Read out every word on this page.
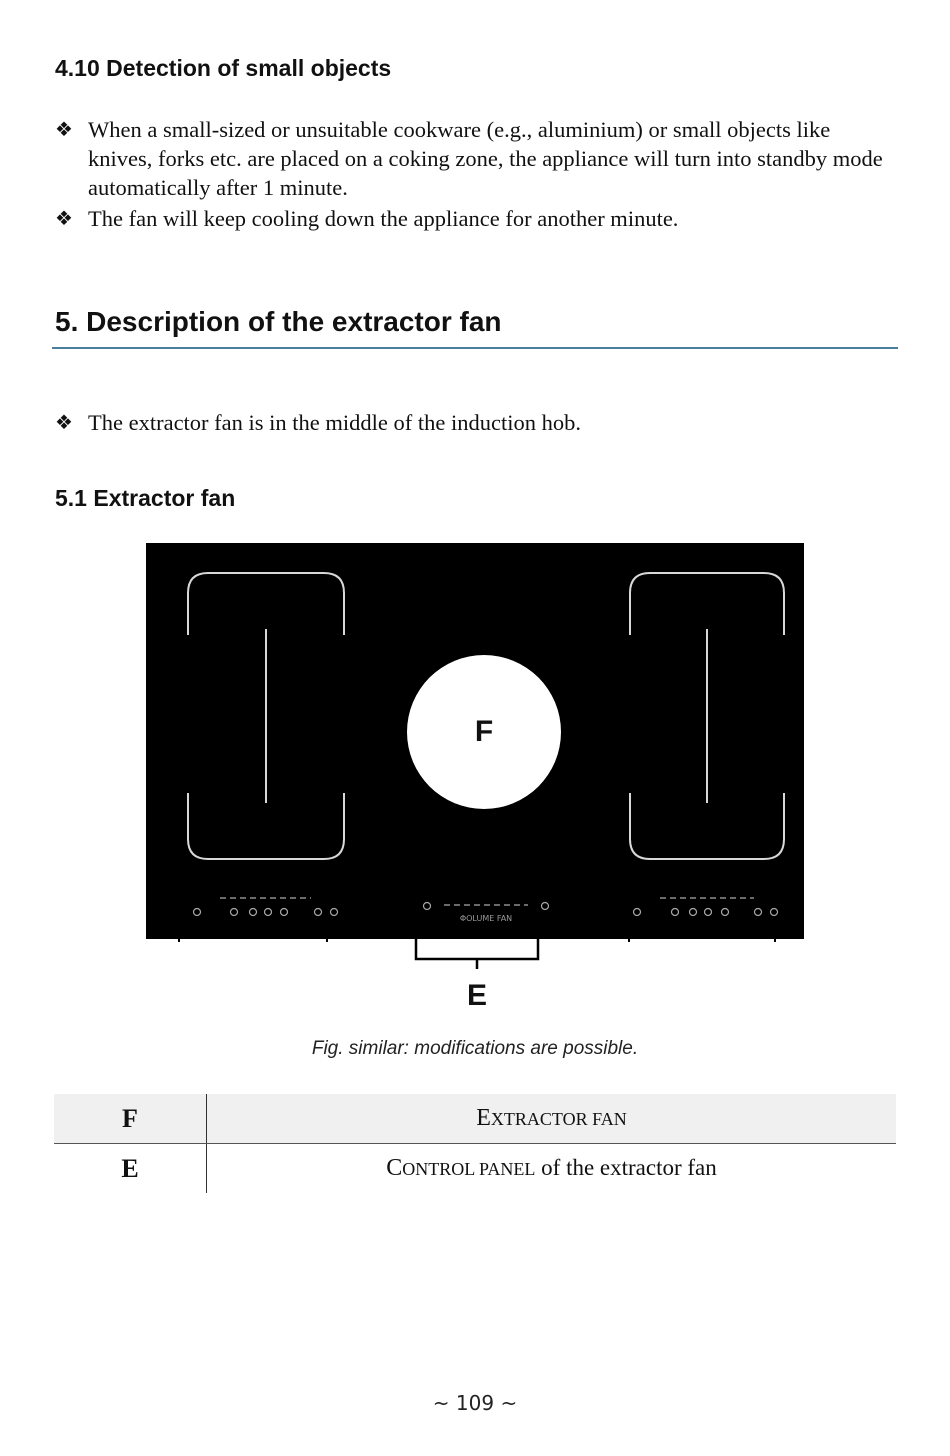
4.10 Detection of small objects
❖ When a small-sized or unsuitable cookware (e.g., aluminium) or small objects like knives, forks etc. are placed on a coking zone, the appliance will turn into standby mode automatically after 1 minute.
❖ The fan will keep cooling down the appliance for another minute.
5. Description of the extractor fan
❖ The extractor fan is in the middle of the induction hob.
5.1 Extractor fan
F
ΦOLUME FAN
E
Fig. similar: modifications are possible.
F	EXTRACTOR FAN
E	CONTROL PANEL of the extractor fan
~ 109 ~
